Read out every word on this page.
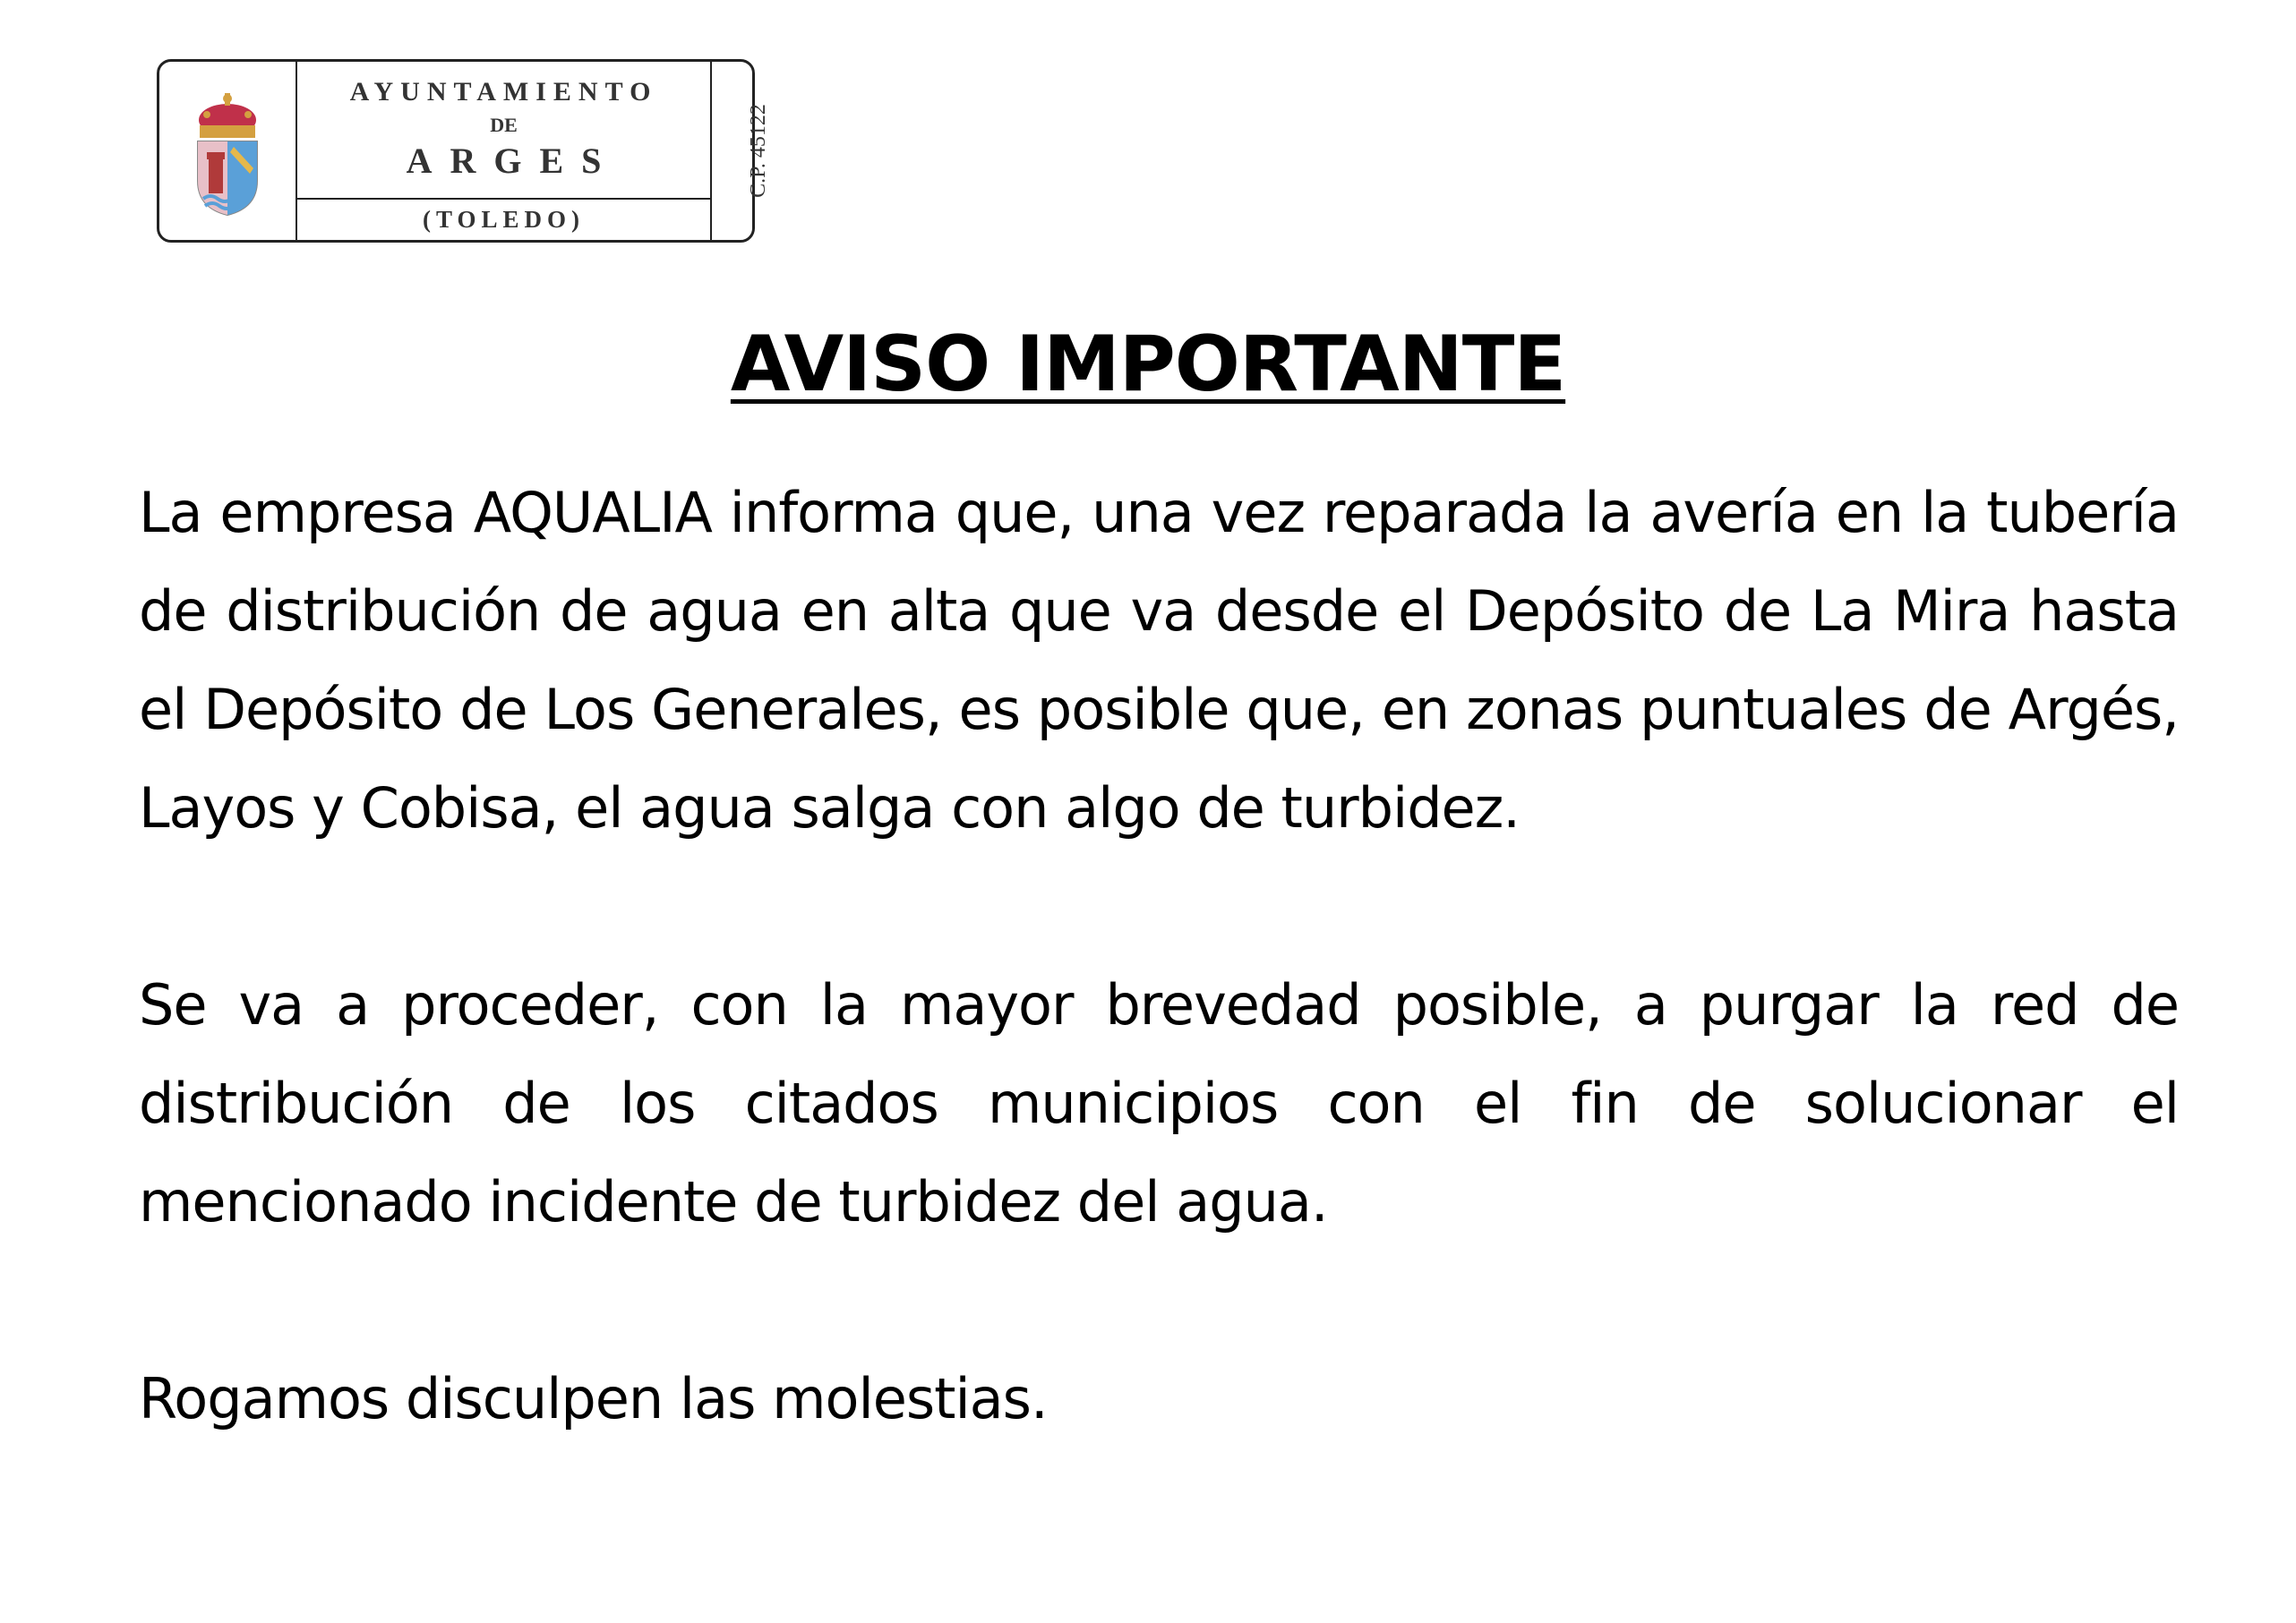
AYUNTAMIENTO
DE
ARGES
(TOLEDO)
C.P. 45122
AVISO IMPORTANTE

La empresa AQUALIA informa que, una vez reparada la avería en la tubería de distribución de agua en alta que va desde el Depósito de La Mira hasta el Depósito de Los Generales, es posible que, en zonas puntuales de Argés, Layos y Cobisa, el agua salga con algo de turbidez.

Se va a proceder, con la mayor brevedad posible, a purgar la red de distribución de los citados municipios con el fin de solucionar el mencionado incidente de turbidez del agua.

Rogamos disculpen las molestias.
